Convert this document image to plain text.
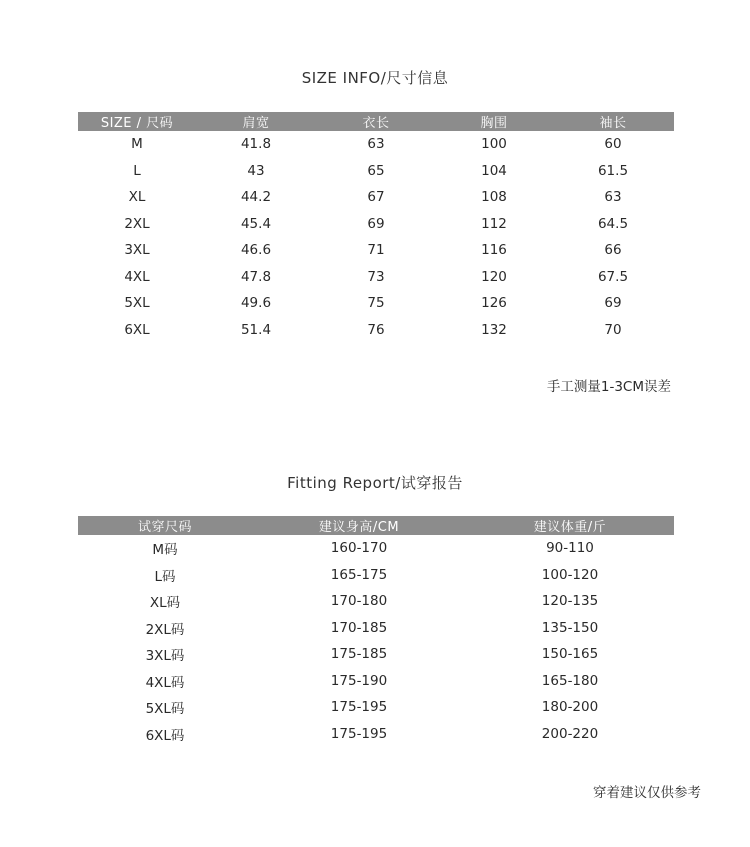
SIZE INFO/尺寸信息
SIZE / 尺码	肩宽	衣长	胸围	袖长
M	41.8	63	100	60
L	43	65	104	61.5
XL	44.2	67	108	63
2XL	45.4	69	112	64.5
3XL	46.6	71	116	66
4XL	47.8	73	120	67.5
5XL	49.6	75	126	69
6XL	51.4	76	132	70
手工测量1-3CM误差
Fitting Report/试穿报告
试穿尺码	建议身高/CM	建议体重/斤
M码	160-170	90-110
L码	165-175	100-120
XL码	170-180	120-135
2XL码	170-185	135-150
3XL码	175-185	150-165
4XL码	175-190	165-180
5XL码	175-195	180-200
6XL码	175-195	200-220
穿着建议仅供参考
